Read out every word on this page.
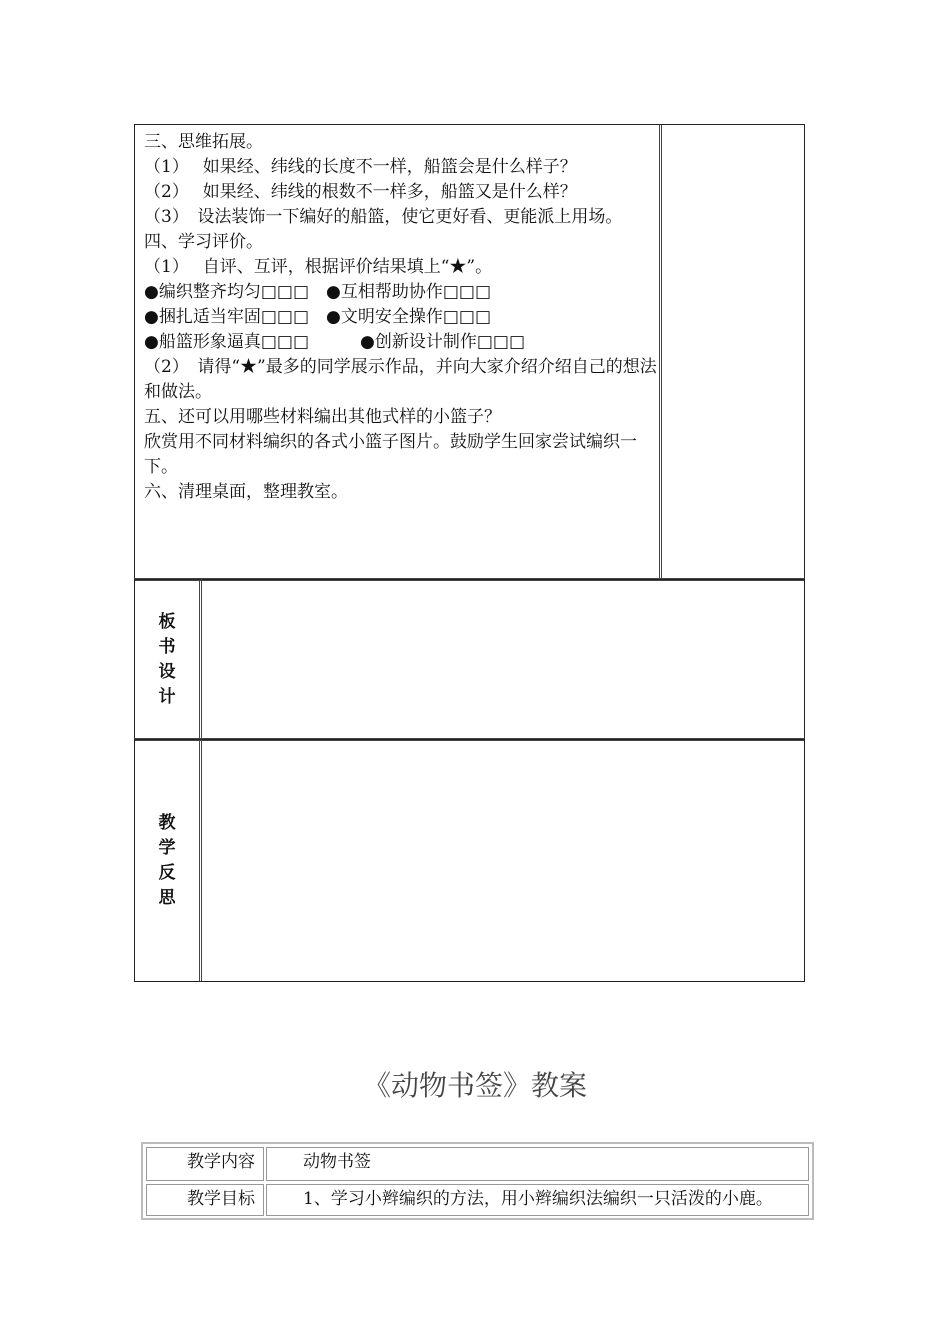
板
书
设
计
教
学
反
思
三、思维拓展。
（1）　 如果经、纬线的长度不一样，船篮会是什么样子？
（2）　 如果经、纬线的根数不一样多，船篮又是什么样？
（3）　设法装饰一下编好的船篮，使它更好看、更能派上用场。
四、学习评价。
（1）　 自评、互评，根据评价结果填上“★”。
●编织整齐均匀□□□　●互相帮助协作□□□
●捆扎适当牢固□□□　●文明安全操作□□□
●船篮形象逼真□□□　　　●创新设计制作□□□
（2）　请得“★”最多的同学展示作品，并向大家介绍介绍自己的想法和做法。
五、还可以用哪些材料编出其他式样的小篮子？
欣赏用不同材料编织的各式小篮子图片。鼓励学生回家尝试编织一下。
六、清理桌面，整理教室。
《动物书签》教案
教学内容	动物书签
教学目标	1、学习小辫编织的方法，用小辫编织法编织一只活泼的小鹿。
